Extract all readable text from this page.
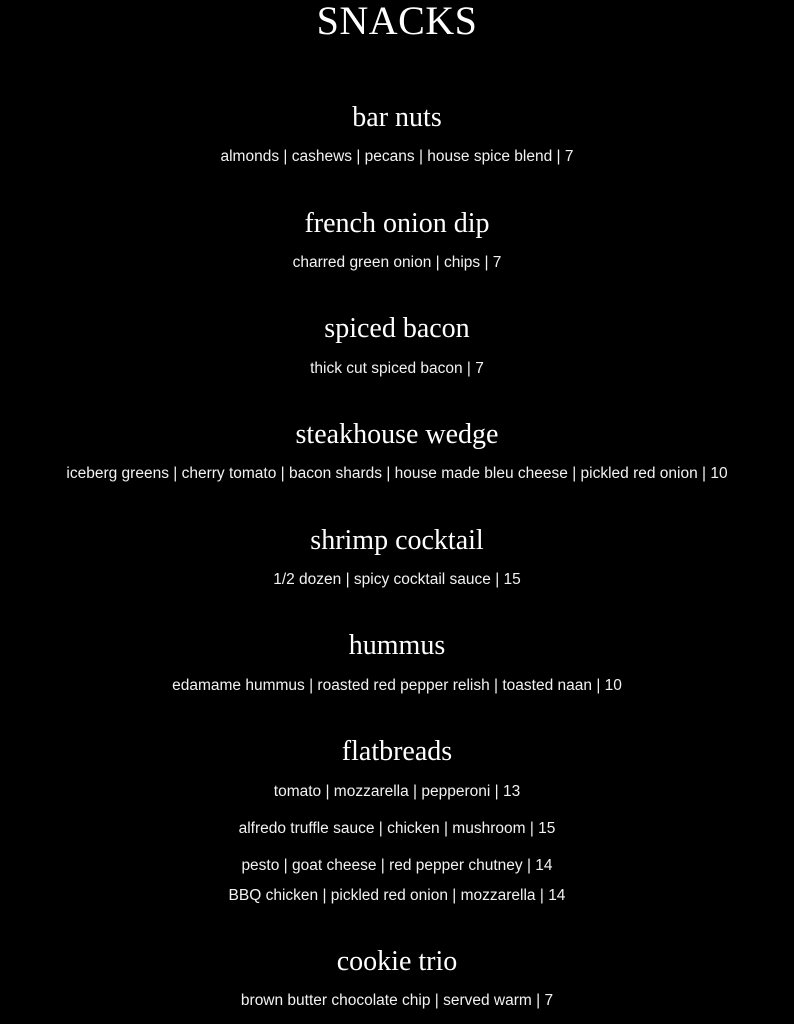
SNACKS
bar nuts

almonds | cashews | pecans | house spice blend | 7

french onion dip

charred green onion | chips | 7

spiced bacon

thick cut spiced bacon | 7

steakhouse wedge

iceberg greens | cherry tomato | bacon shards | house made bleu cheese | pickled red onion | 10

shrimp cocktail

1/2 dozen | spicy cocktail sauce | 15

hummus

edamame hummus | roasted red pepper relish | toasted naan | 10

flatbreads

tomato | mozzarella | pepperoni | 13

alfredo truffle sauce | chicken | mushroom | 15

pesto | goat cheese | red pepper chutney | 14

BBQ chicken | pickled red onion | mozzarella | 14

cookie trio

brown butter chocolate chip | served warm | 7
